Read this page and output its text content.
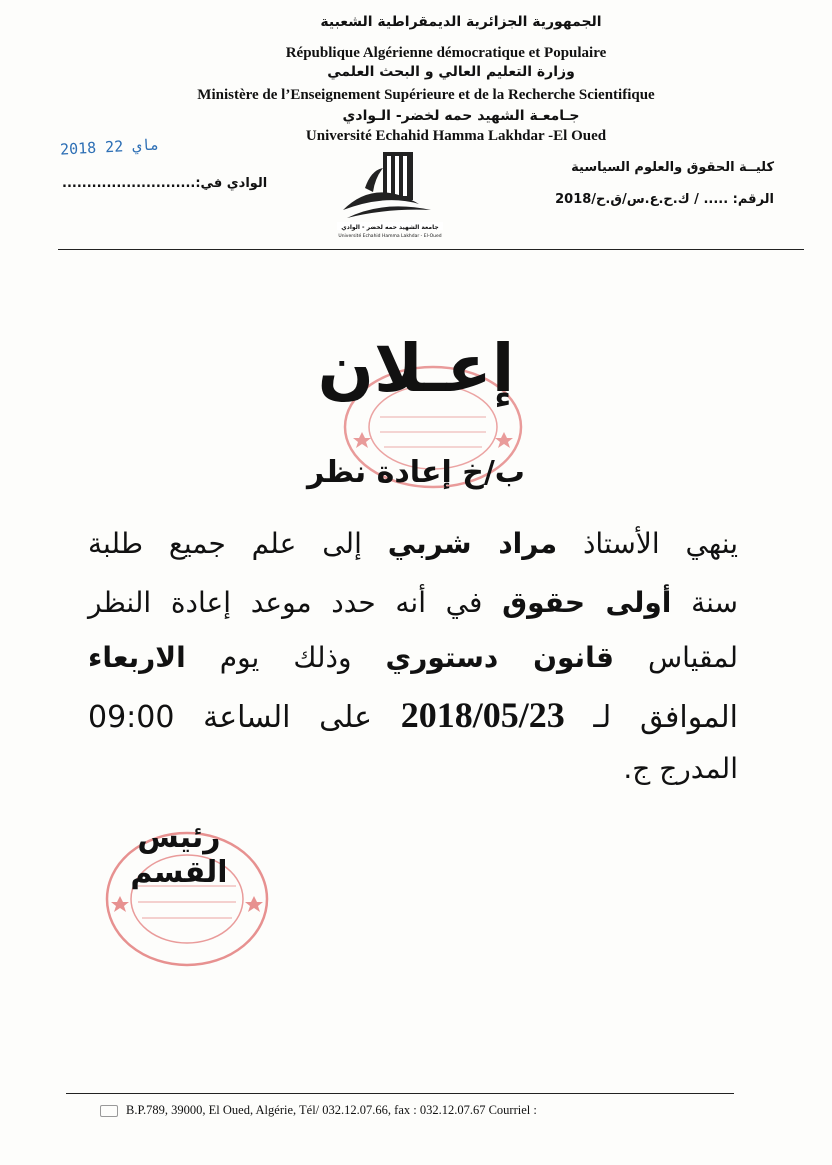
الجمهورية الجزائرية الديمقراطية الشعبية
République Algérienne démocratique et Populaire
وزارة التعليم العالي و البحث العلمي
Ministère de l’Enseignement Supérieure et de la Recherche Scientifique
جـامعـة الشهيد حمه لخضر- الـوادي
Université Echahid Hamma Lakhdar -El Oued
2018 ماي 22
كليــة الحقوق والعلوم السياسية
الرقم: ..... / ك.ح.ع.س/ق.ح/2018
الوادي في:...........................
جامعة الشهيد حمه لخضر - الوادي
Université Echahid Hamma Lakhdar - El-Oued
إعـلان
ب/خ إعادة نظر
ينهي الأستاذ مراد شربي إلى علم جميع طلبة
سنة أولى حقوق في أنه حدد موعد إعادة النظر
لمقياس قانون دستوري وذلك يوم الاربعاء
الموافق لـ 2018/05/23 على الساعة 09:00
المدرج ج.
رئيس القسم
B.P.789, 39000, El Oued, Algérie, Tél/ 032.12.07.66, fax : 032.12.07.67 Courriel :
